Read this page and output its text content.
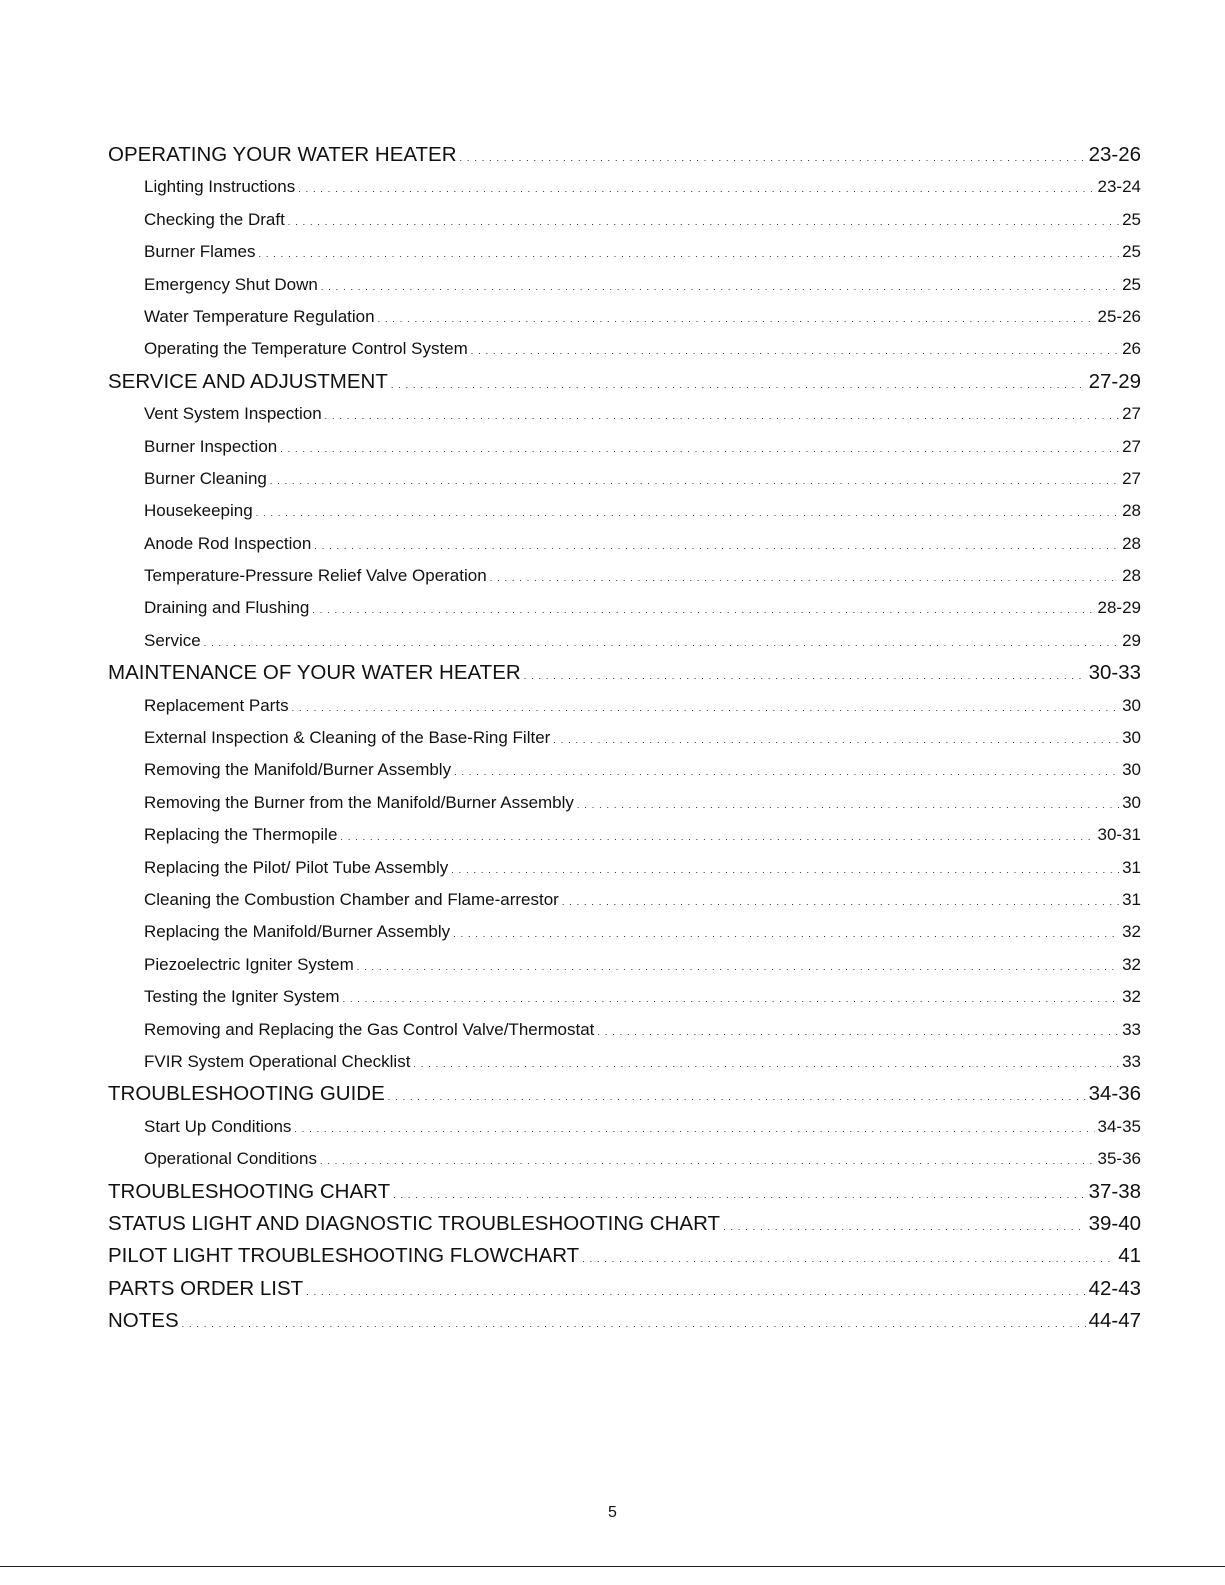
OPERATING YOUR WATER HEATER . . .	23-26
Lighting Instructions . . .	23-24
Checking the Draft . . .	25
Burner Flames . . .	25
Emergency Shut Down . . .	25
Water Temperature Regulation . . .	25-26
Operating the Temperature Control System . . .	26
SERVICE AND ADJUSTMENT . . .	27-29
Vent System Inspection . . .	27
Burner Inspection . . .	27
Burner Cleaning . . .	27
Housekeeping . . .	28
Anode Rod Inspection . . .	28
Temperature-Pressure Relief Valve Operation . . .	28
Draining and Flushing . . .	28-29
Service . . .	29
MAINTENANCE OF YOUR WATER HEATER . . .	30-33
Replacement Parts . . .	30
External Inspection & Cleaning of the Base-Ring Filter . . .	30
Removing the Manifold/Burner Assembly . . .	30
Removing the Burner from the Manifold/Burner Assembly . . .	30
Replacing the Thermopile . . .	30-31
Replacing the Pilot/ Pilot Tube Assembly . . .	31
Cleaning the Combustion Chamber and Flame-arrestor . . .	31
Replacing the Manifold/Burner Assembly . . .	32
Piezoelectric Igniter System . . .	32
Testing the Igniter System . . .	32
Removing and Replacing the Gas Control Valve/Thermostat . . .	33
FVIR System Operational Checklist . . .	33
TROUBLESHOOTING GUIDE . . .	34-36
Start Up Conditions . . .	34-35
Operational Conditions . . .	35-36
TROUBLESHOOTING CHART . . .	37-38
STATUS LIGHT AND DIAGNOSTIC TROUBLESHOOTING CHART . . .	39-40
PILOT LIGHT TROUBLESHOOTING FLOWCHART . . .	41
PARTS ORDER LIST . . .	42-43
NOTES . . .	44-47
5
